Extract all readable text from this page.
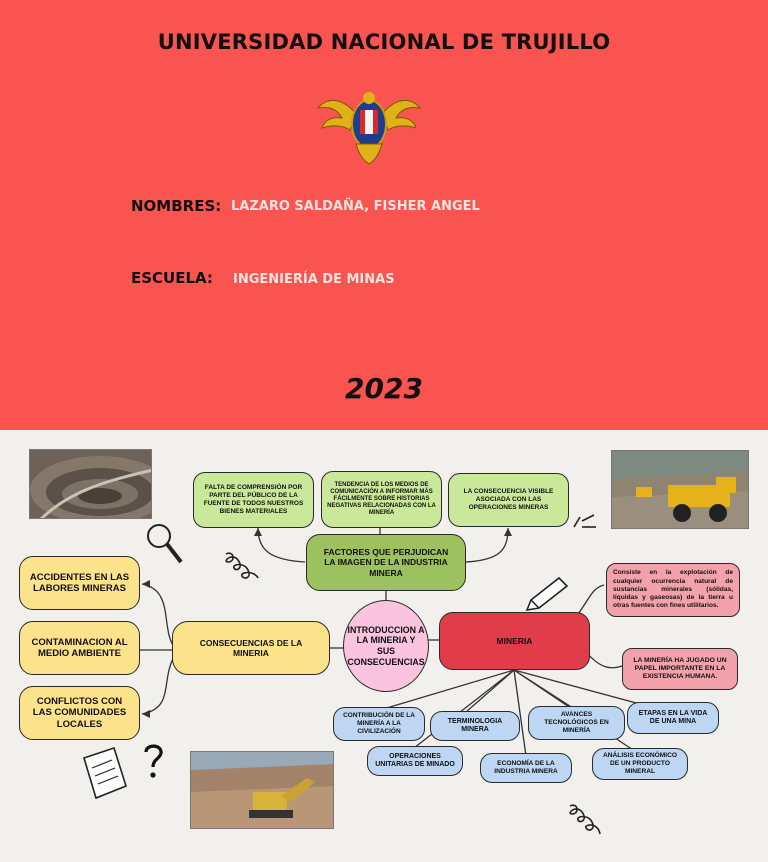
UNIVERSIDAD NACIONAL DE TRUJILLO
NOMBRES: LAZARO SALDAÑA, FISHER ANGEL
ESCUELA: INGENIERÍA DE MINAS
2023
FALTA DE COMPRENSIÓN POR PARTE DEL PÚBLICO DE LA FUENTE DE TODOS NUESTROS BIENES MATERIALES
TENDENCIA DE LOS MEDIOS DE COMUNICACIÓN A INFORMAR MÁS FÁCILMENTE SOBRE HISTORIAS NEGATIVAS RELACIONADAS CON LA MINERÍA
LA CONSECUENCIA VISIBLE ASOCIADA CON LAS OPERACIONES MINERAS
FACTORES QUE PERJUDICAN LA IMAGEN DE LA INDUSTRIA MINERA
ACCIDENTES EN LAS LABORES MINERAS
CONTAMINACION AL MEDIO AMBIENTE
CONFLICTOS CON LAS COMUNIDADES LOCALES
CONSECUENCIAS DE LA MINERIA
INTRODUCCION A LA MINERIA Y SUS CONSECUENCIAS
MINERIA
Consiste en la explotación de cualquier ocurrencia natural de sustancias minerales (sólidas, líquidas y gaseosas) de la tierra u otras fuentes con fines utilitarios.
LA MINERÍA HA JUGADO UN PAPEL IMPORTANTE EN LA EXISTENCIA HUMANA.
CONTRIBUCIÓN DE LA MINERÍA A LA CIVILIZACIÓN
TERMINOLOGIA MINERA
AVANCES TECNOLÓGICOS EN MINERÍA
ETAPAS EN LA VIDA DE UNA MINA
OPERACIONES UNITARIAS DE MINADO	ECONOMÍA DE LA INDUSTRIA MINERA
ANÁLISIS ECONÓMICO DE UN PRODUCTO MINERAL
